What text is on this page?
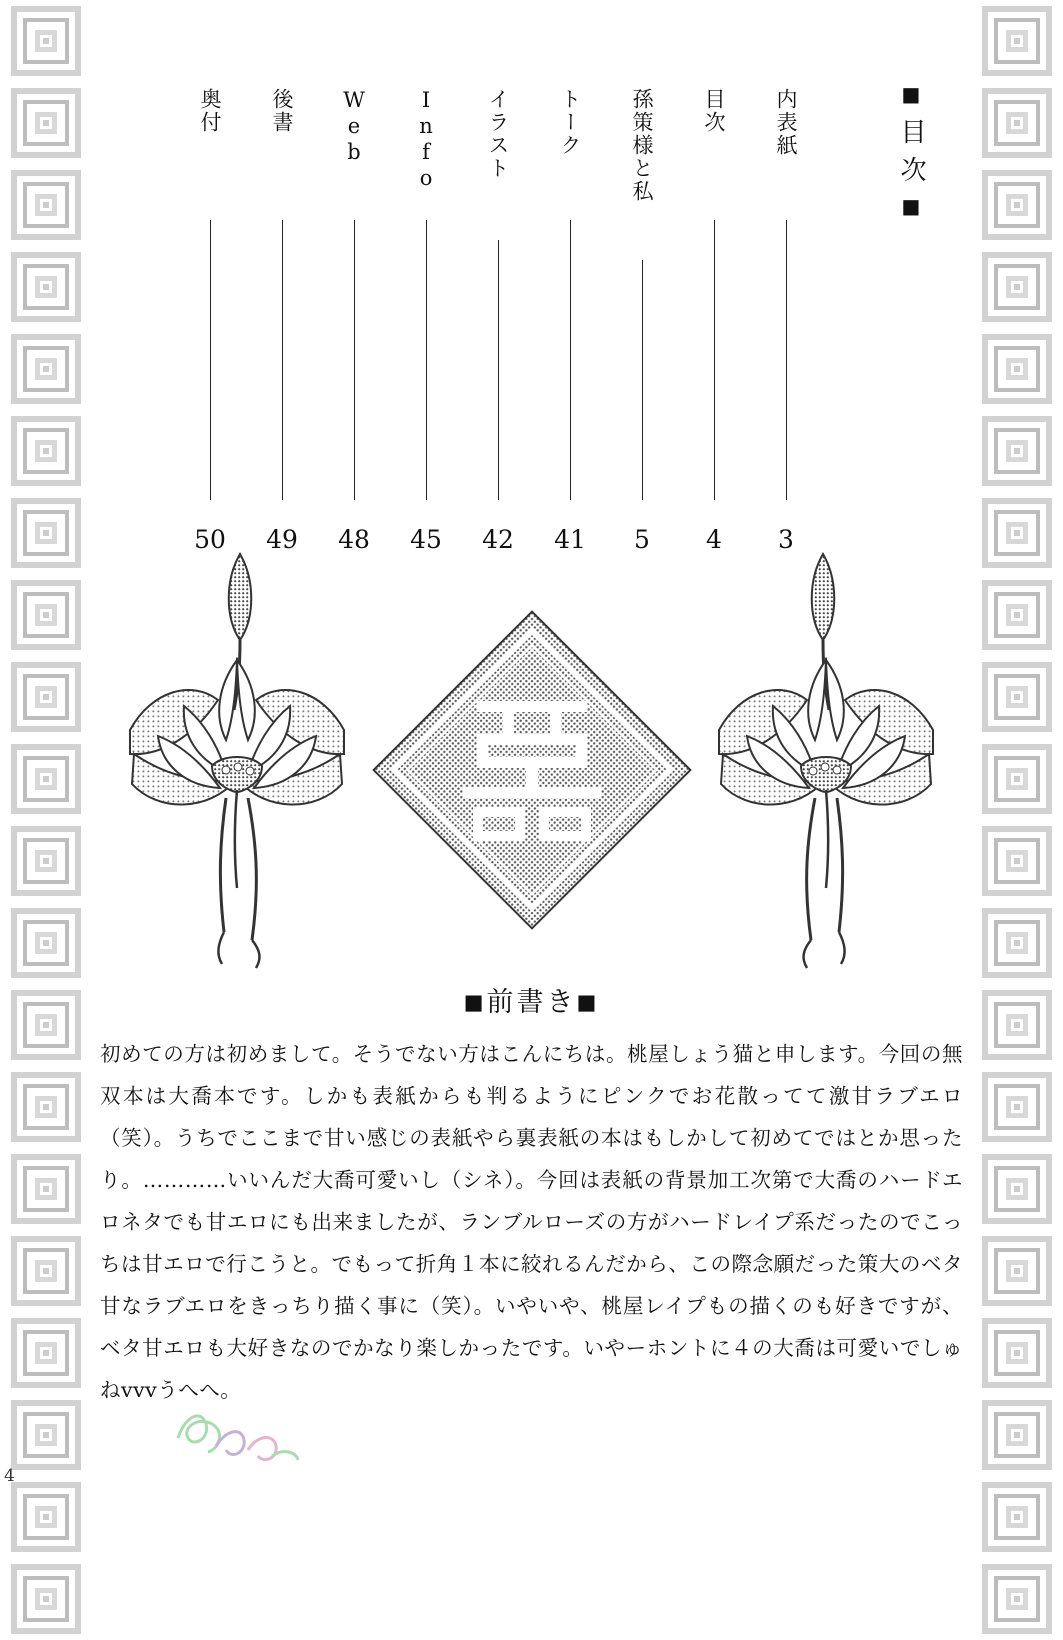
■目次■
内表紙
3
目次
4
孫策様と私
5
トーク
41
イラスト
42
Info
45
Web
48
後書
49
奥付
50
■前書き■

初めての方は初めまして。そうでない方はこんにちは。桃屋しょう猫と申します。今回の無双本は大喬本です。しかも表紙からも判るようにピンクでお花散ってて激甘ラブエロ（笑）。うちでここまで甘い感じの表紙やら裏表紙の本はもしかして初めてではとか思ったり。…………いいんだ大喬可愛いし（シネ）。今回は表紙の背景加工次第で大喬のハードエロネタでも甘エロにも出来ましたが、ランブルローズの方がハードレイプ系だったのでこっちは甘エロで行こうと。でもって折角１本に絞れるんだから、この際念願だった策大のベタ甘なラブエロをきっちり描く事に（笑）。いやいや、桃屋レイプもの描くのも好きですが、ベタ甘エロも大好きなのでかなり楽しかったです。いやーホントに４の大喬は可愛いでしゅねvvvうへへ。

4
